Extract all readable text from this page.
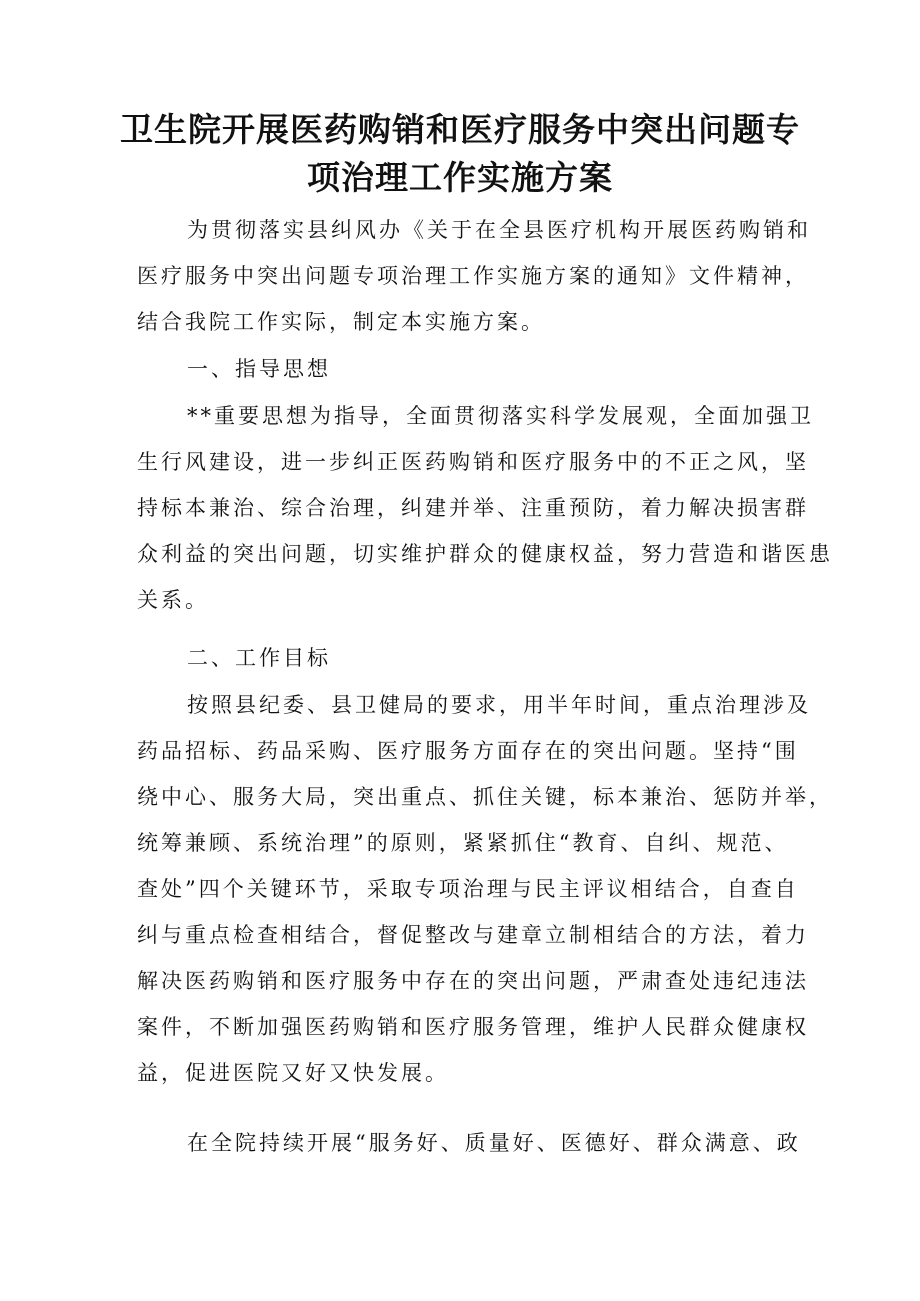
卫生院开展医药购销和医疗服务中突出问题专
项治理工作实施方案
为贯彻落实县纠风办《关于在全县医疗机构开展医药购销和
医疗服务中突出问题专项治理工作实施方案的通知》文件精神，
结合我院工作实际，制定本实施方案。
一、指导思想
**重要思想为指导，全面贯彻落实科学发展观，全面加强卫
生行风建设，进一步纠正医药购销和医疗服务中的不正之风，坚
持标本兼治、综合治理，纠建并举、注重预防，着力解决损害群
众利益的突出问题，切实维护群众的健康权益，努力营造和谐医患
关系。
二、工作目标
按照县纪委、县卫健局的要求，用半年时间，重点治理涉及
药品招标、药品采购、医疗服务方面存在的突出问题。坚持“围
绕中心、服务大局，突出重点、抓住关键，标本兼治、惩防并举，
统筹兼顾、系统治理”的原则，紧紧抓住“教育、自纠、规范、
查处”四个关键环节，采取专项治理与民主评议相结合，自查自
纠与重点检查相结合，督促整改与建章立制相结合的方法，着力
解决医药购销和医疗服务中存在的突出问题，严肃查处违纪违法
案件，不断加强医药购销和医疗服务管理，维护人民群众健康权
益，促进医院又好又快发展。
在全院持续开展“服务好、质量好、医德好、群众满意、政
